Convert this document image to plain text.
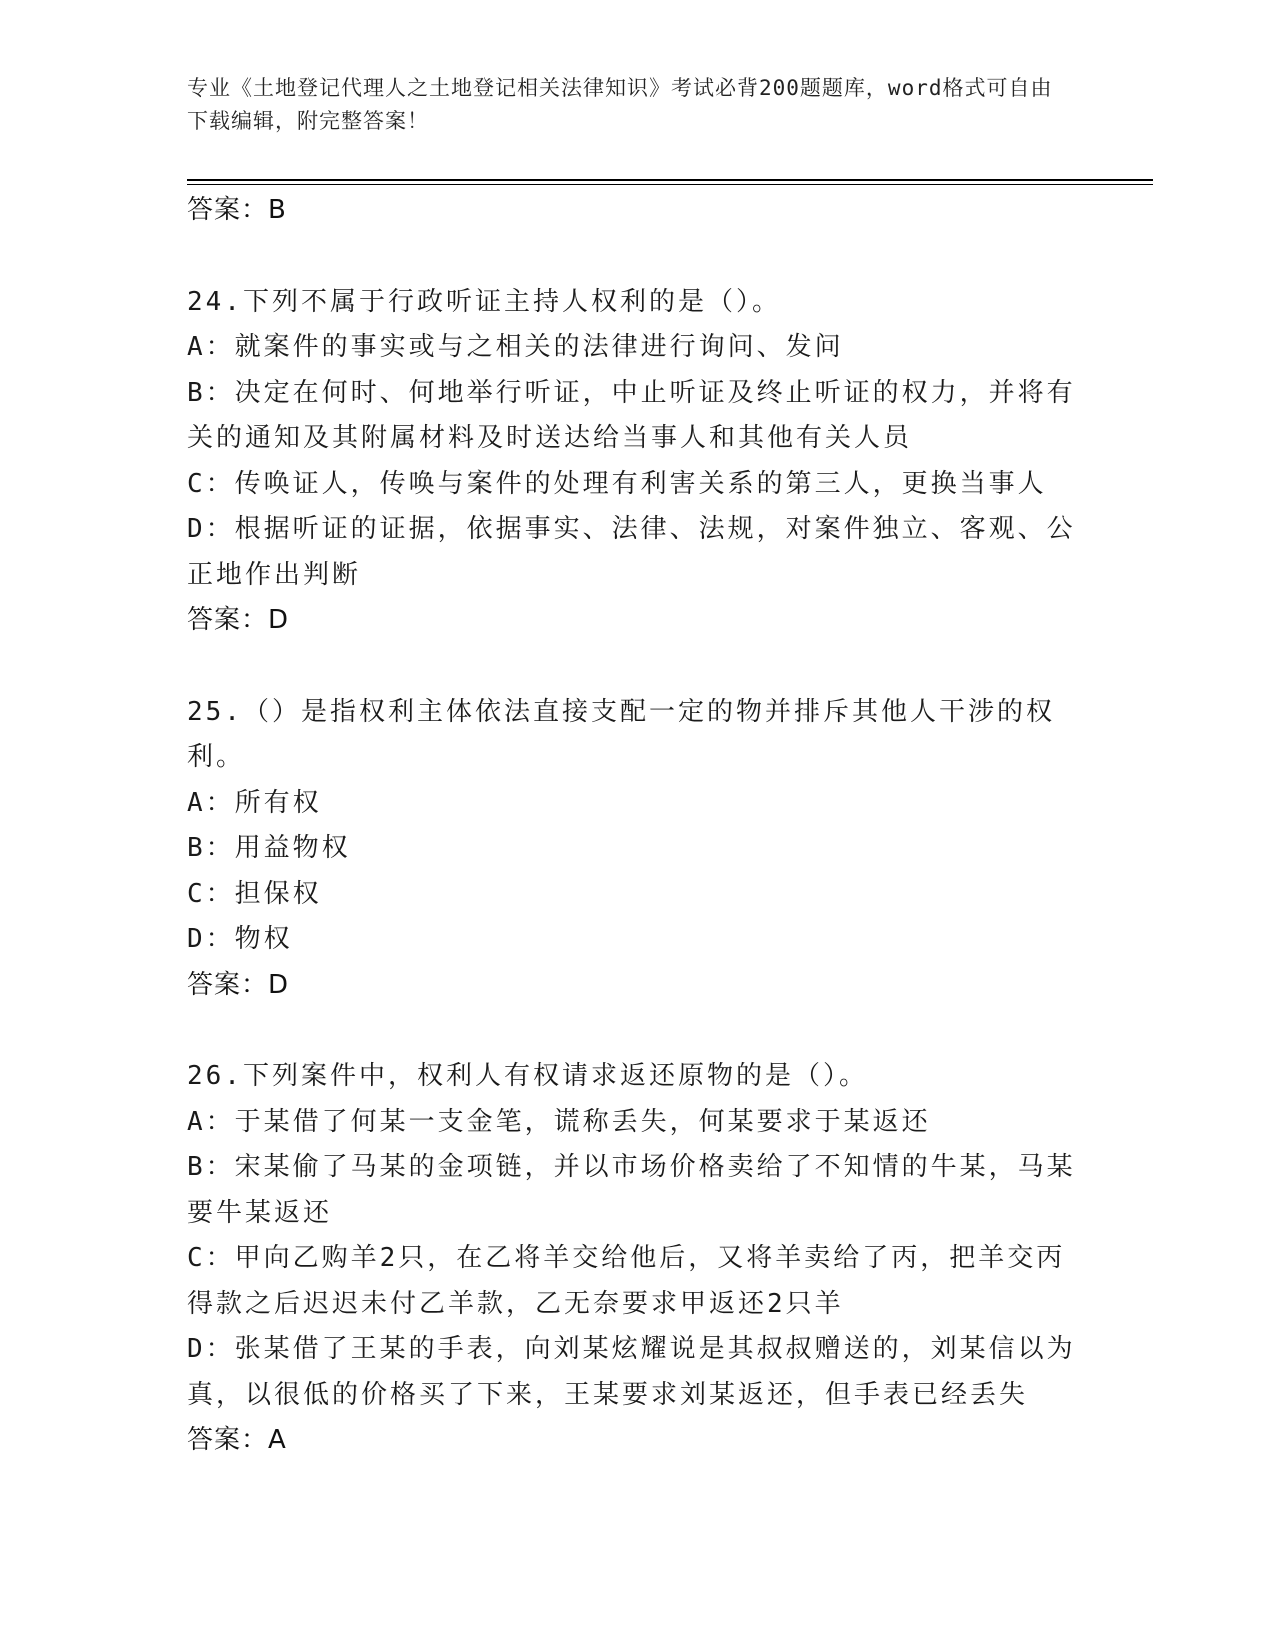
专业《土地登记代理人之土地登记相关法律知识》考试必背200题题库，word格式可自由下载编辑，附完整答案！
答案：B
24.下列不属于行政听证主持人权利的是（）。
A：就案件的事实或与之相关的法律进行询问、发问
B：决定在何时、何地举行听证，中止听证及终止听证的权力，并将有关的通知及其附属材料及时送达给当事人和其他有关人员
C：传唤证人，传唤与案件的处理有利害关系的第三人，更换当事人
D：根据听证的证据，依据事实、法律、法规，对案件独立、客观、公正地作出判断
答案：D
25.（）是指权利主体依法直接支配一定的物并排斥其他人干涉的权利。
A：所有权
B：用益物权
C：担保权
D：物权
答案：D
26.下列案件中，权利人有权请求返还原物的是（）。
A：于某借了何某一支金笔，谎称丢失，何某要求于某返还
B：宋某偷了马某的金项链，并以市场价格卖给了不知情的牛某，马某要牛某返还
C：甲向乙购羊2只，在乙将羊交给他后，又将羊卖给了丙，把羊交丙得款之后迟迟未付乙羊款，乙无奈要求甲返还2只羊
D：张某借了王某的手表，向刘某炫耀说是其叔叔赠送的，刘某信以为真，以很低的价格买了下来，王某要求刘某返还，但手表已经丢失
答案：A
